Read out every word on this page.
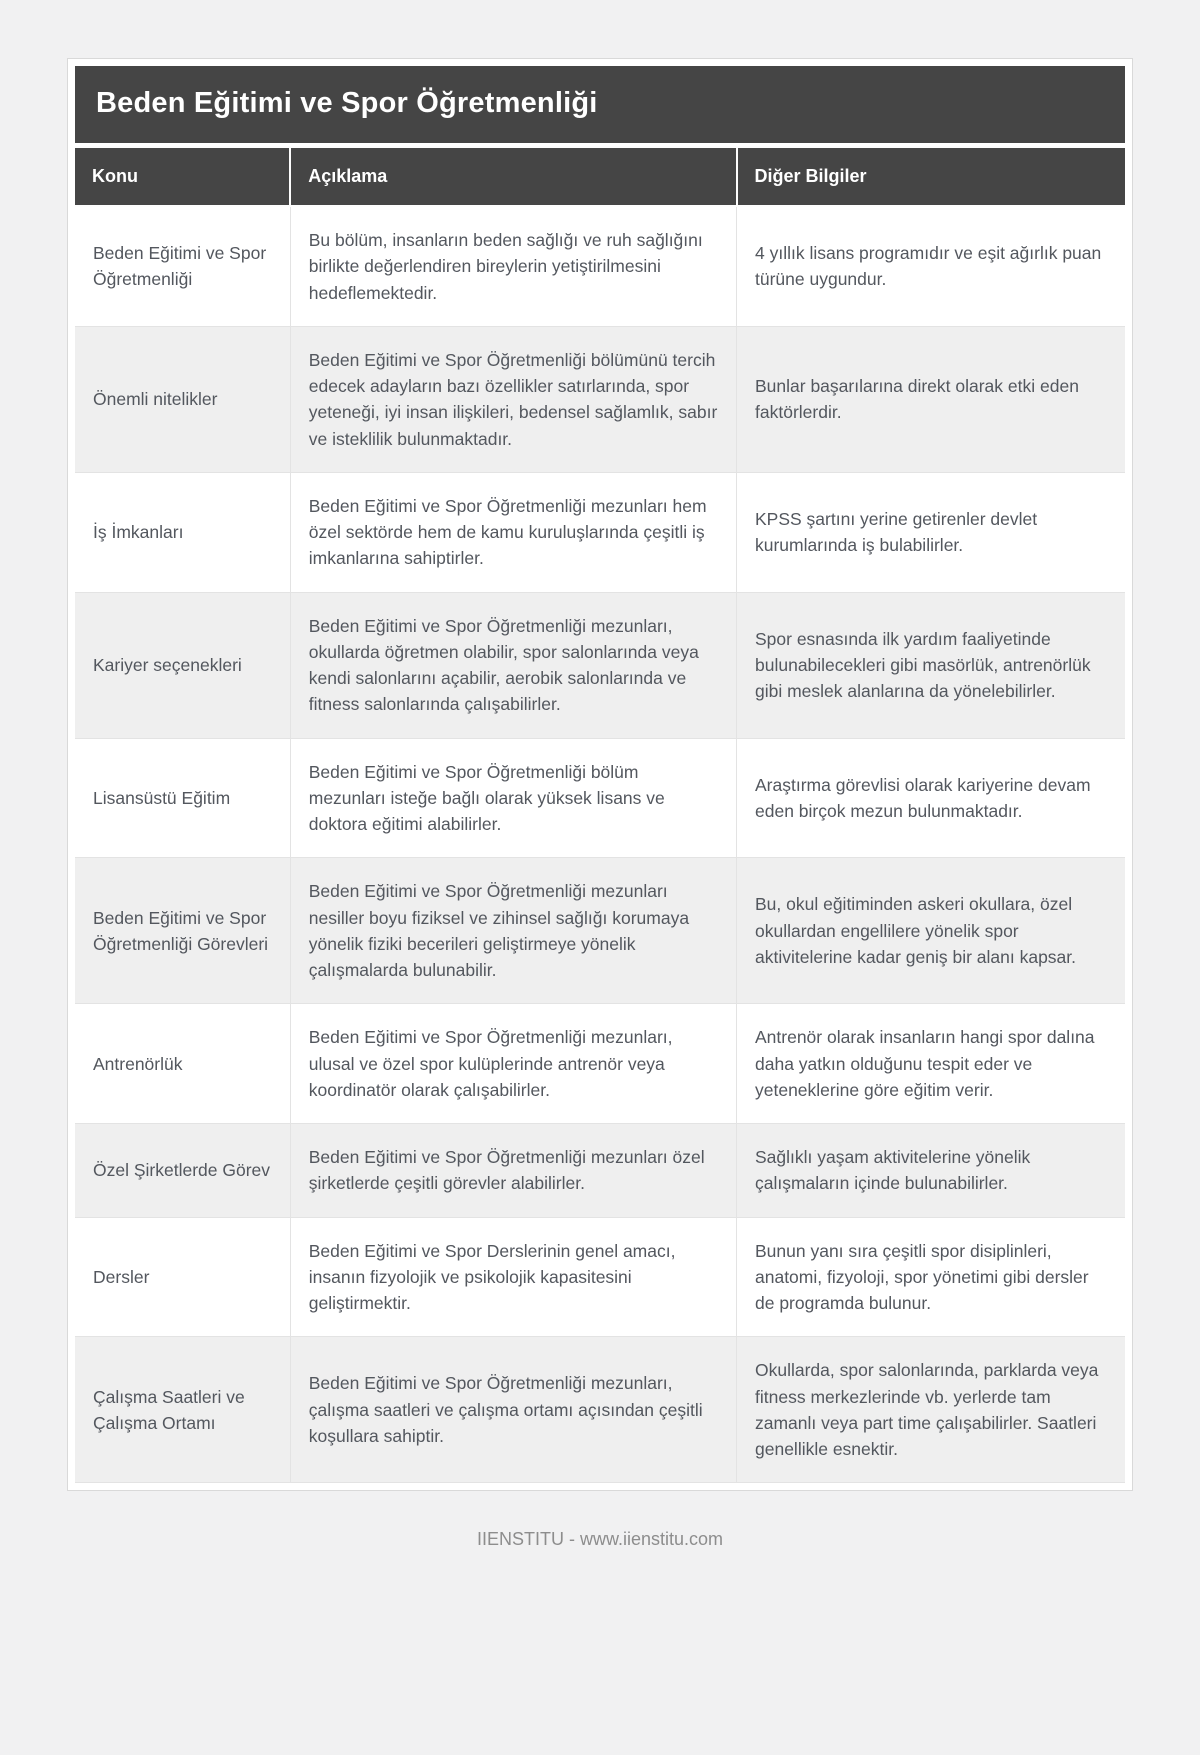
Beden Eğitimi ve Spor Öğretmenliği
Konu	Açıklama	Diğer Bilgiler
Beden Eğitimi ve Spor Öğretmenliği	Bu bölüm, insanların beden sağlığı ve ruh sağlığını birlikte değerlendiren bireylerin yetiştirilmesini hedeflemektedir.	4 yıllık lisans programıdır ve eşit ağırlık puan türüne uygundur.
Önemli nitelikler	Beden Eğitimi ve Spor Öğretmenliği bölümünü tercih edecek adayların bazı özellikler satırlarında, spor yeteneği, iyi insan ilişkileri, bedensel sağlamlık, sabır ve isteklilik bulunmaktadır.	Bunlar başarılarına direkt olarak etki eden faktörlerdir.
İş İmkanları	Beden Eğitimi ve Spor Öğretmenliği mezunları hem özel sektörde hem de kamu kuruluşlarında çeşitli iş imkanlarına sahiptirler.	KPSS şartını yerine getirenler devlet kurumlarında iş bulabilirler.
Kariyer seçenekleri	Beden Eğitimi ve Spor Öğretmenliği mezunları, okullarda öğretmen olabilir, spor salonlarında veya kendi salonlarını açabilir, aerobik salonlarında ve fitness salonlarında çalışabilirler.	Spor esnasında ilk yardım faaliyetinde bulunabilecekleri gibi masörlük, antrenörlük gibi meslek alanlarına da yönelebilirler.
Lisansüstü Eğitim	Beden Eğitimi ve Spor Öğretmenliği bölüm mezunları isteğe bağlı olarak yüksek lisans ve doktora eğitimi alabilirler.	Araştırma görevlisi olarak kariyerine devam eden birçok mezun bulunmaktadır.
Beden Eğitimi ve Spor Öğretmenliği Görevleri	Beden Eğitimi ve Spor Öğretmenliği mezunları nesiller boyu fiziksel ve zihinsel sağlığı korumaya yönelik fiziki becerileri geliştirmeye yönelik çalışmalarda bulunabilir.	Bu, okul eğitiminden askeri okullara, özel okullardan engellilere yönelik spor aktivitelerine kadar geniş bir alanı kapsar.
Antrenörlük	Beden Eğitimi ve Spor Öğretmenliği mezunları, ulusal ve özel spor kulüplerinde antrenör veya koordinatör olarak çalışabilirler.	Antrenör olarak insanların hangi spor dalına daha yatkın olduğunu tespit eder ve yeteneklerine göre eğitim verir.
Özel Şirketlerde Görev	Beden Eğitimi ve Spor Öğretmenliği mezunları özel şirketlerde çeşitli görevler alabilirler.	Sağlıklı yaşam aktivitelerine yönelik çalışmaların içinde bulunabilirler.
Dersler	Beden Eğitimi ve Spor Derslerinin genel amacı, insanın fizyolojik ve psikolojik kapasitesini geliştirmektir.	Bunun yanı sıra çeşitli spor disiplinleri, anatomi, fizyoloji, spor yönetimi gibi dersler de programda bulunur.
Çalışma Saatleri ve Çalışma Ortamı	Beden Eğitimi ve Spor Öğretmenliği mezunları, çalışma saatleri ve çalışma ortamı açısından çeşitli koşullara sahiptir.	Okullarda, spor salonlarında, parklarda veya fitness merkezlerinde vb. yerlerde tam zamanlı veya part time çalışabilirler. Saatleri genellikle esnektir.
IIENSTITU - www.iienstitu.com
